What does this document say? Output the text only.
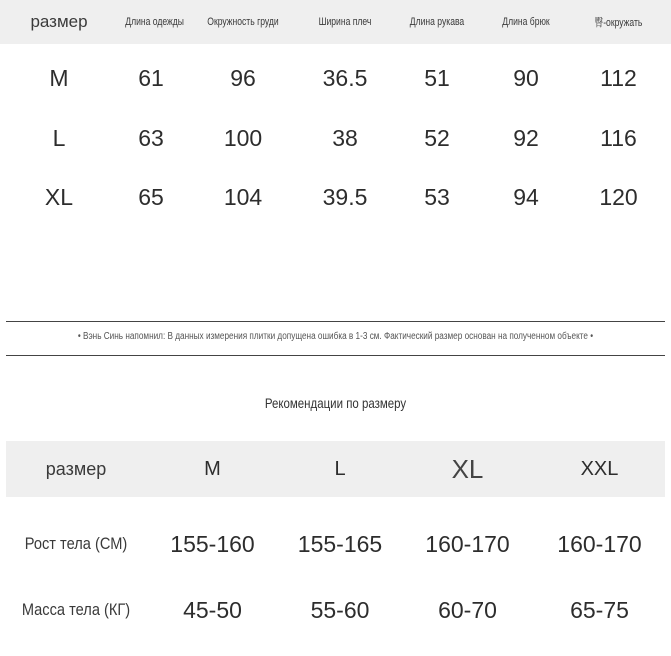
размер	Длина одежды	Окружность груди	Ширина плеч	Длина рукава	Длина брюк	臀-окружать
M	61	96	36.5	51	90	112
L	63	100	38	52	92	116
XL	65	104	39.5	53	94	120
• Вэнь Синь напомнил: В данных измерения плитки допущена ошибка в 1-3 см. Фактический размер основан на полученном объекте •
Рекомендации по размеру
размер	M	L	XL	XXL
Рост тела (СМ)	155-160	155-165	160-170	160-170
Масса тела (КГ)	45-50	55-60	60-70	65-75
